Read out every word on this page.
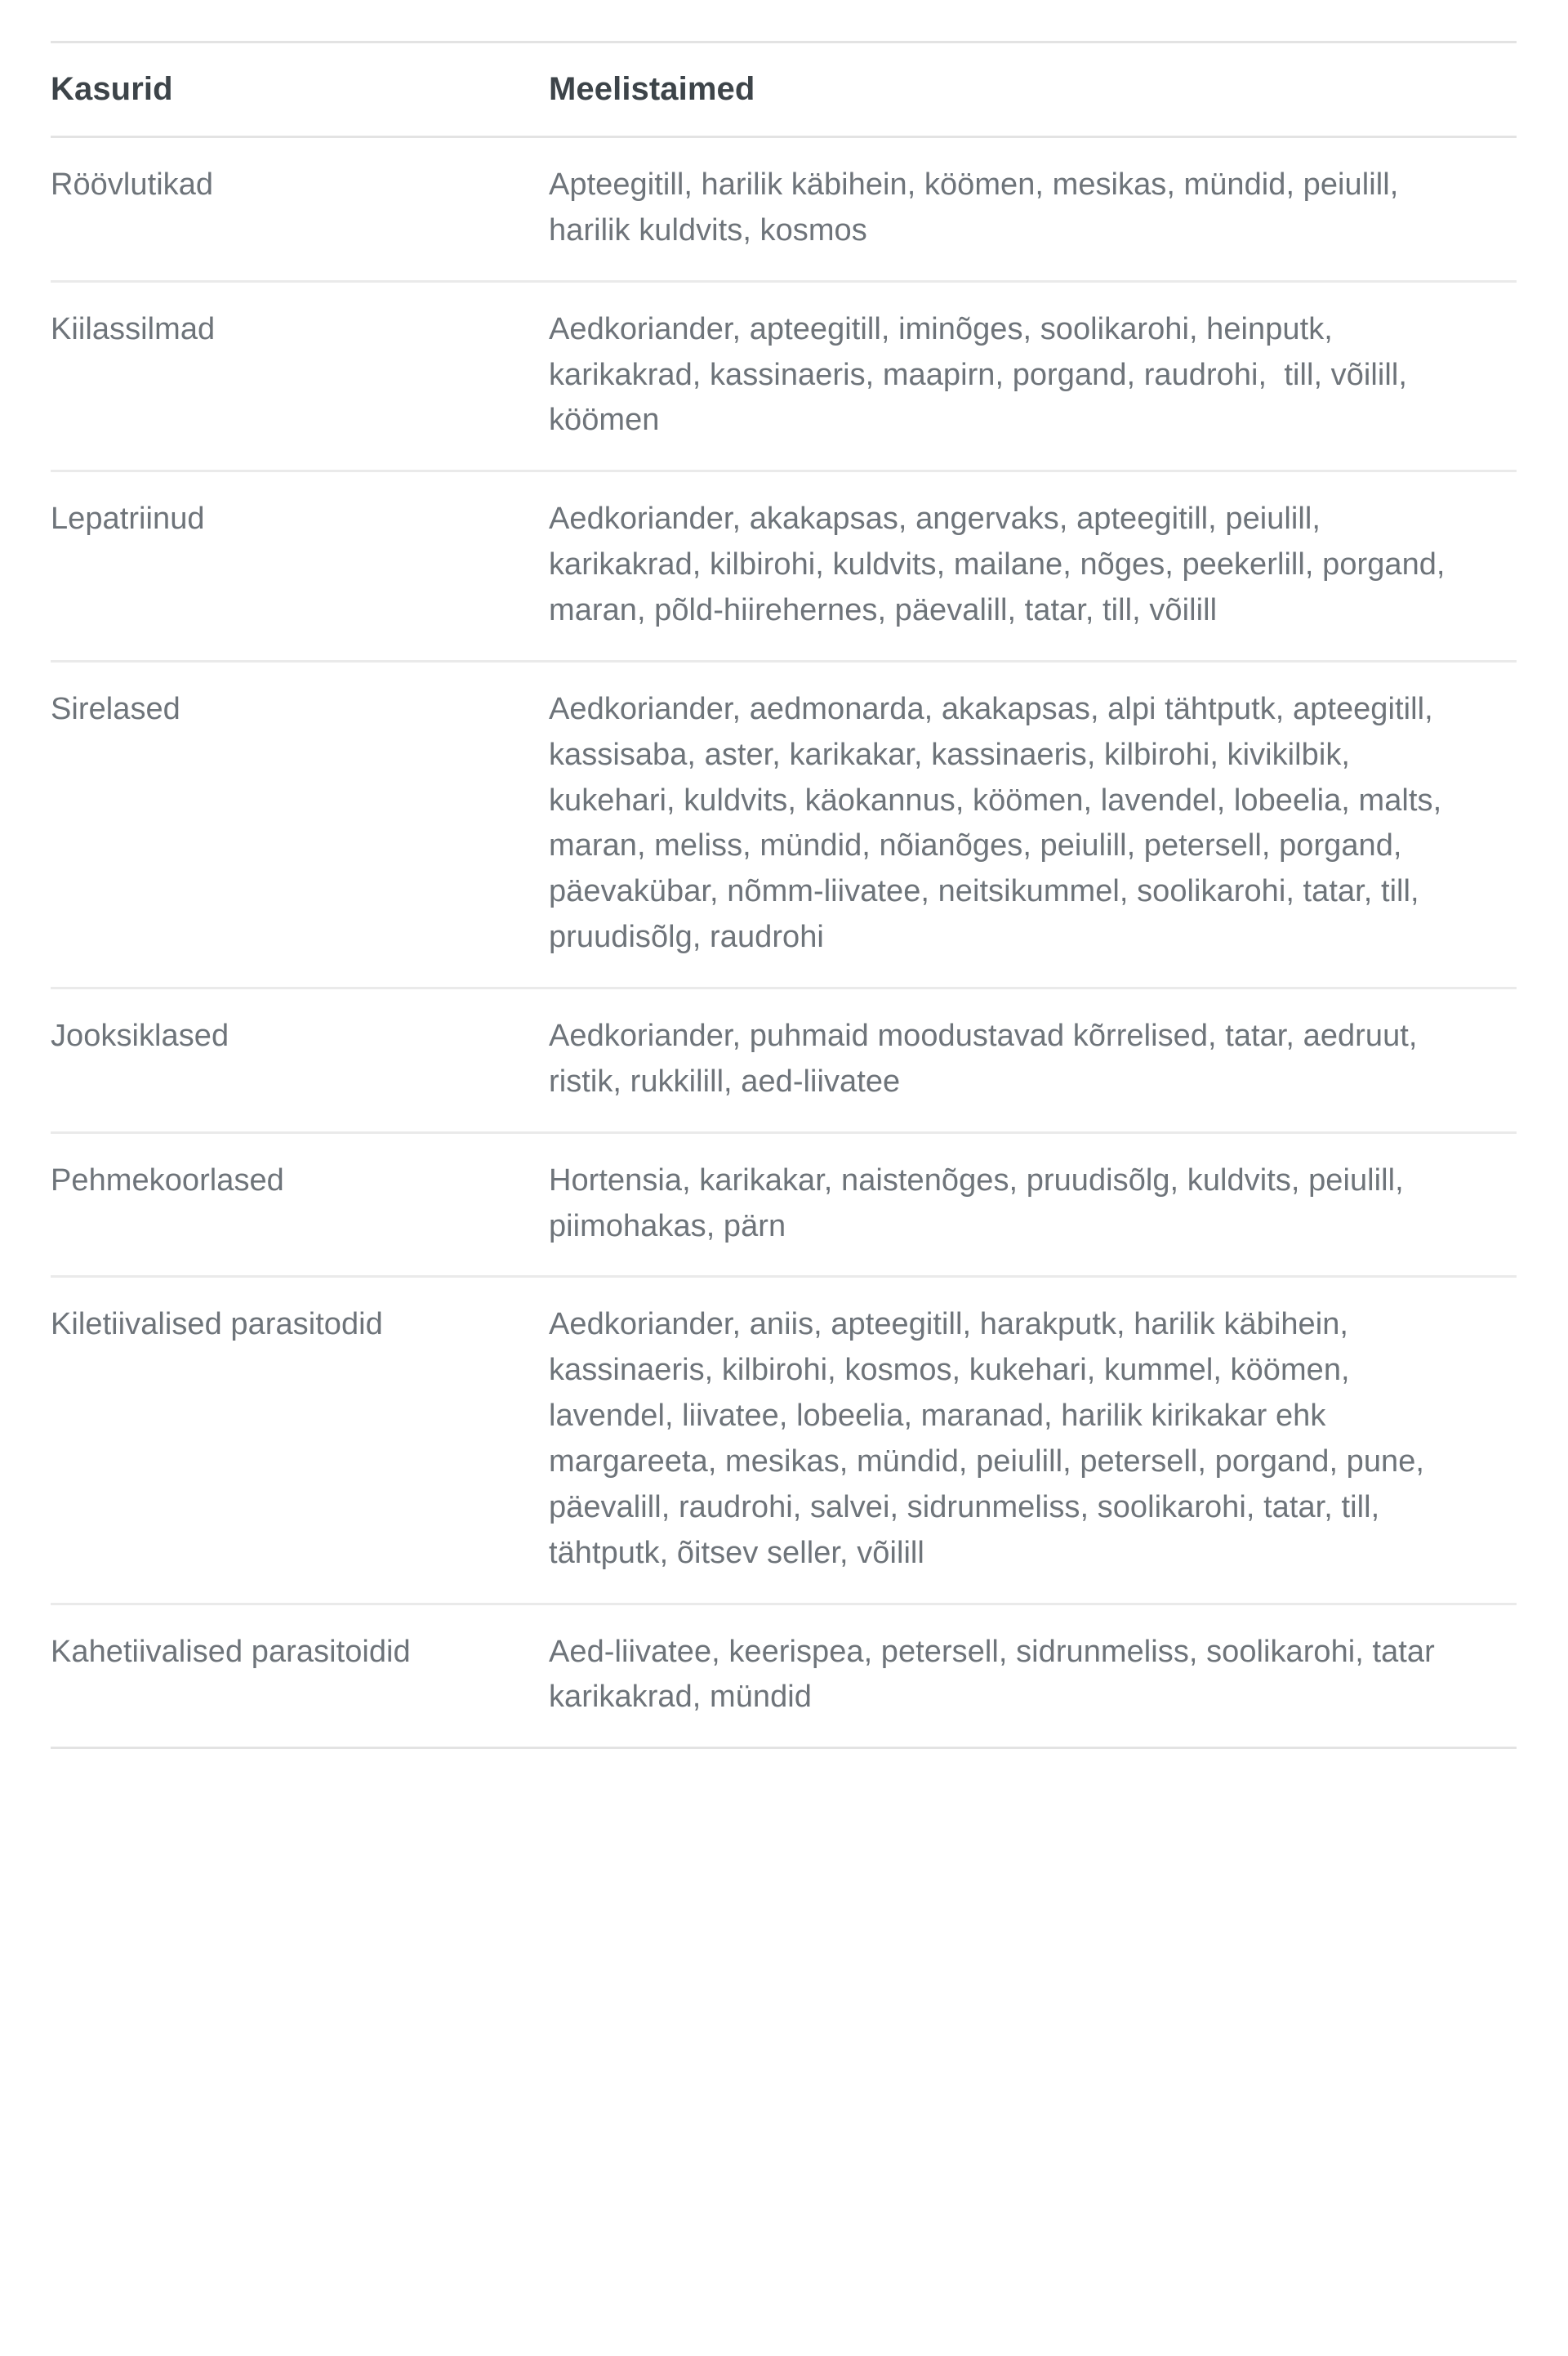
Kasurid	Meelistaimed
Röövlutikad	Apteegitill, harilik käbihein, köömen, mesikas, mündid, peiulill, harilik kuldvits, kosmos
Kiilassilmad	Aedkoriander, apteegitill, iminõges, soolikarohi, heinputk, karikakrad, kassinaeris, maapirn, porgand, raudrohi,  till, võilill, köömen
Lepatriinud	Aedkoriander, akakapsas, angervaks, apteegitill, peiulill, karikakrad, kilbirohi, kuldvits, mailane, nõges, peekerlill, porgand, maran, põld-hiirehernes, päevalill, tatar, till, võilill
Sirelased	Aedkoriander, aedmonarda, akakapsas, alpi tähtputk, apteegitill, kassisaba, aster, karikakar, kassinaeris, kilbirohi, kivikilbik, kukehari, kuldvits, käokannus, köömen, lavendel, lobeelia, malts, maran, meliss, mündid, nõianõges, peiulill, petersell, porgand, päevakübar, nõmm-liivatee, neitsikummel, soolikarohi, tatar, till, pruudisõlg, raudrohi
Jooksiklased	Aedkoriander, puhmaid moodustavad kõrrelised, tatar, aedruut, ristik, rukkilill, aed-liivatee
Pehmekoorlased	Hortensia, karikakar, naistenõges, pruudisõlg, kuldvits, peiulill, piimohakas, pärn
Kiletiivalised parasitodid	Aedkoriander, aniis, apteegitill, harakputk, harilik käbihein, kassinaeris, kilbirohi, kosmos, kukehari, kummel, köömen, lavendel, liivatee, lobeelia, maranad, harilik kirikakar ehk margareeta, mesikas, mündid, peiulill, petersell, porgand, pune, päevalill, raudrohi, salvei, sidrunmeliss, soolikarohi, tatar, till, tähtputk, õitsev seller, võilill
Kahetiivalised parasitoidid	Aed-liivatee, keerispea, petersell, sidrunmeliss, soolikarohi, tatar karikakrad, mündid
